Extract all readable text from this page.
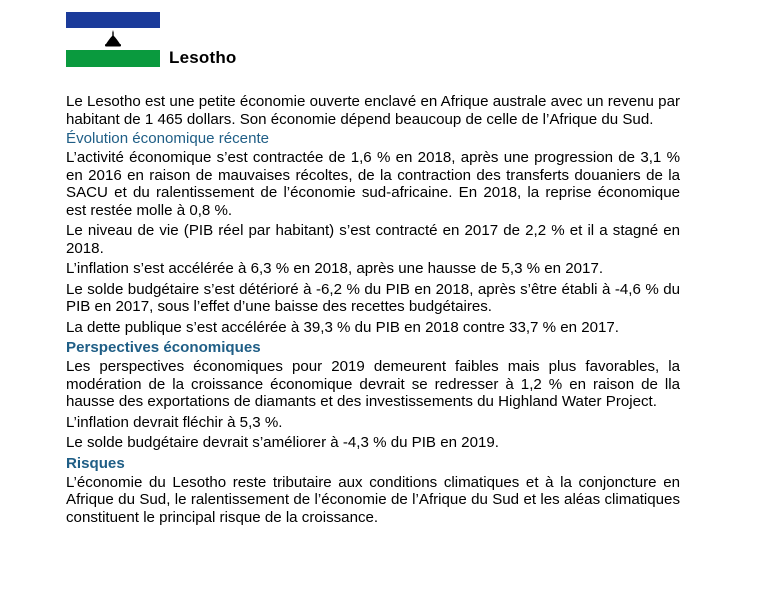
Lesotho

Le Lesotho est une petite économie ouverte enclavé en Afrique australe avec un revenu par habitant de 1 465 dollars. Son économie dépend beaucoup de celle de l’Afrique du Sud.

Évolution économique récente

L’activité économique s’est contractée de 1,6 % en 2018, après une progression de 3,1 % en 2016 en raison de mauvaises récoltes, de la contraction des transferts douaniers de la SACU et du ralentissement de l’économie sud-africaine. En 2018, la reprise économique est restée molle à 0,8 %.

Le niveau de vie (PIB réel par habitant) s’est contracté en 2017 de 2,2 % et il a stagné en 2018.

L’inflation s’est accélérée à 6,3 % en 2018, après une hausse de 5,3 % en 2017.

Le solde budgétaire s’est détérioré à -6,2 % du PIB en 2018, après s’être établi à -4,6 % du PIB en 2017, sous l’effet d’une baisse des recettes budgétaires.

La dette publique s’est accélérée à 39,3 % du PIB en 2018 contre 33,7 % en 2017.

Perspectives économiques

Les perspectives économiques pour 2019 demeurent faibles mais plus favorables, la modération de la croissance économique devrait se redresser à 1,2 % en raison de lla hausse des exportations de diamants et des investissements du Highland Water Project.

L’inflation devrait fléchir à 5,3 %.

Le solde budgétaire devrait s’améliorer à -4,3 % du PIB en 2019.

Risques

L’économie du Lesotho reste tributaire aux conditions climatiques et à la conjoncture en Afrique du Sud, le ralentissement de l’économie de l’Afrique du Sud et les aléas climatiques constituent le principal risque de la croissance.
